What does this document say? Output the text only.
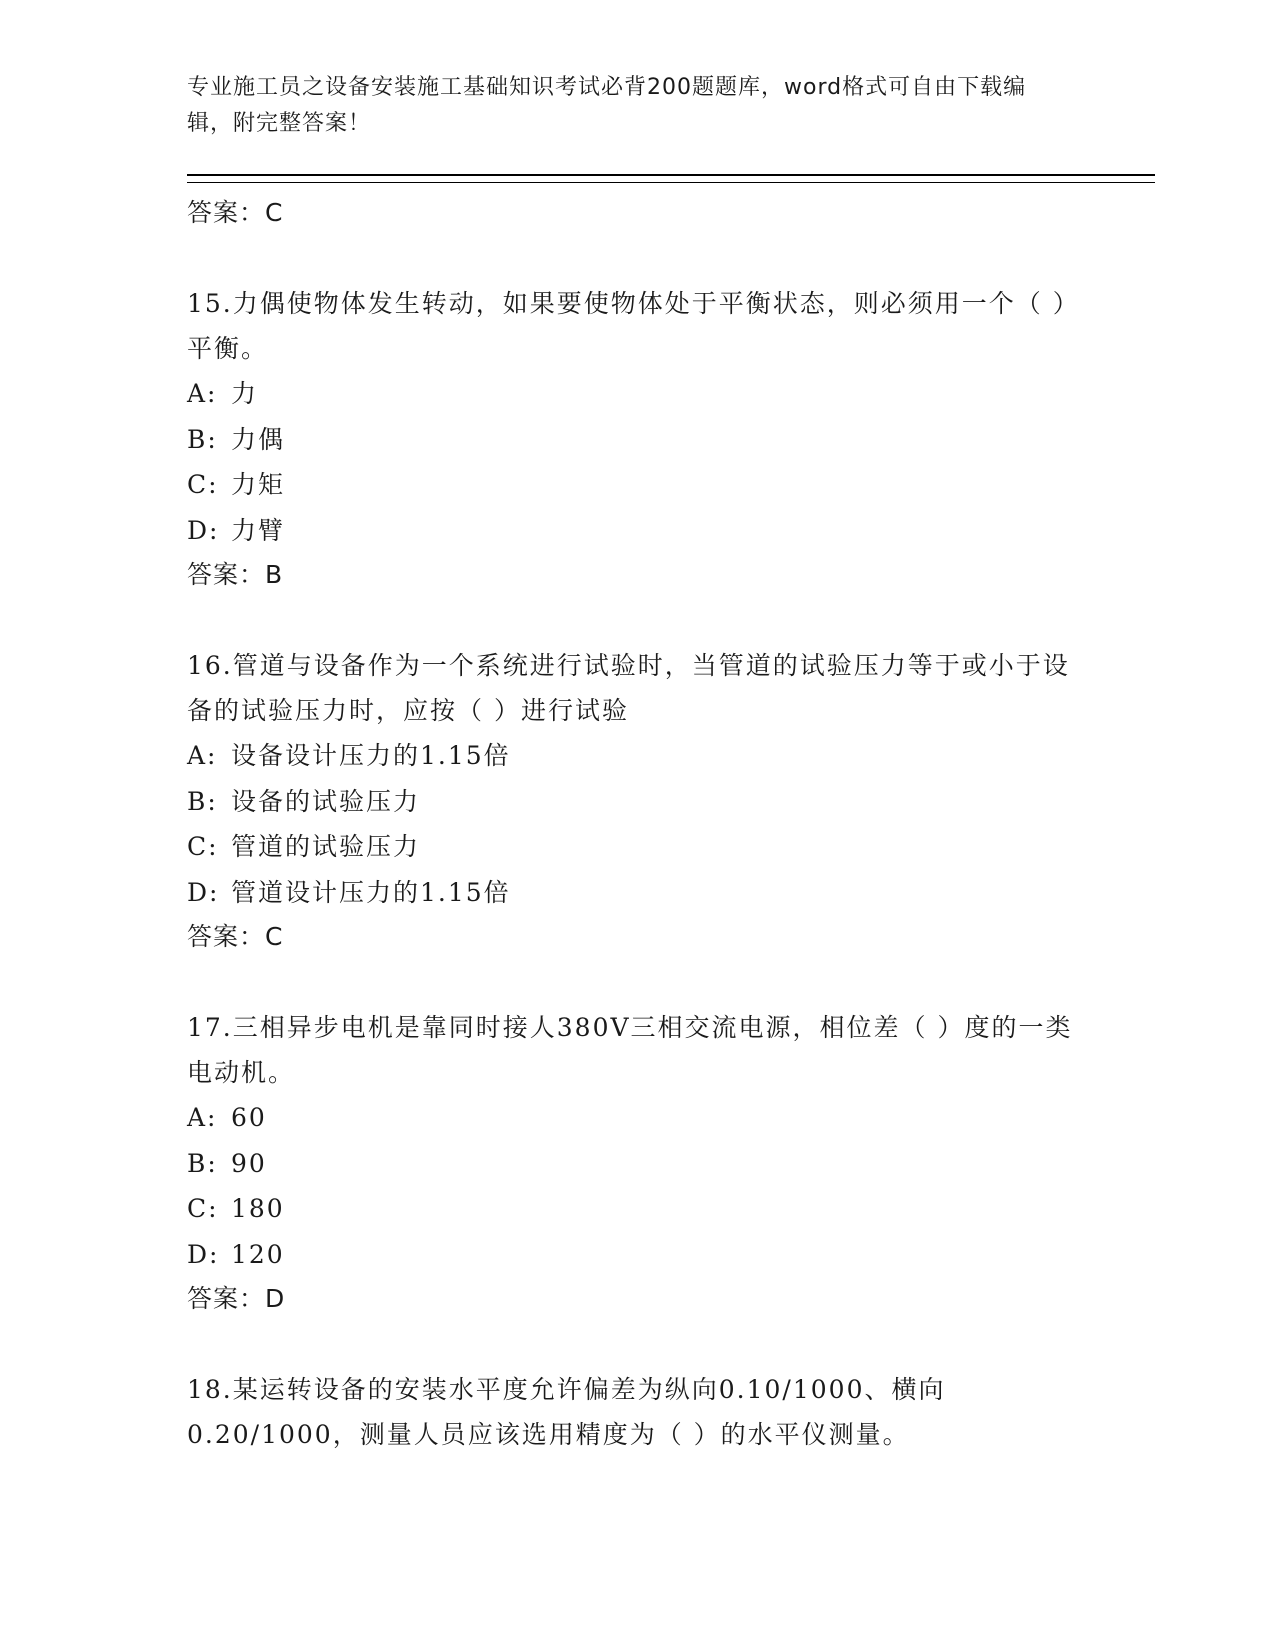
专业施工员之设备安装施工基础知识考试必背200题题库，word格式可自由下载编辑，附完整答案！
答案：C
15.力偶使物体发生转动，如果要使物体处于平衡状态，则必须用一个（ ）平衡。
A: 力
B: 力偶
C: 力矩
D: 力臂
答案：B
16.管道与设备作为一个系统进行试验时，当管道的试验压力等于或小于设备的试验压力时，应按（ ）进行试验
A: 设备设计压力的1.15倍
B: 设备的试验压力
C: 管道的试验压力
D: 管道设计压力的1.15倍
答案：C
17.三相异步电机是靠同时接人380V三相交流电源，相位差（ ）度的一类电动机。
A: 60
B: 90
C: 180
D: 120
答案：D
18.某运转设备的安装水平度允许偏差为纵向0.10/1000、横向0.20/1000，测量人员应该选用精度为（ ）的水平仪测量。
